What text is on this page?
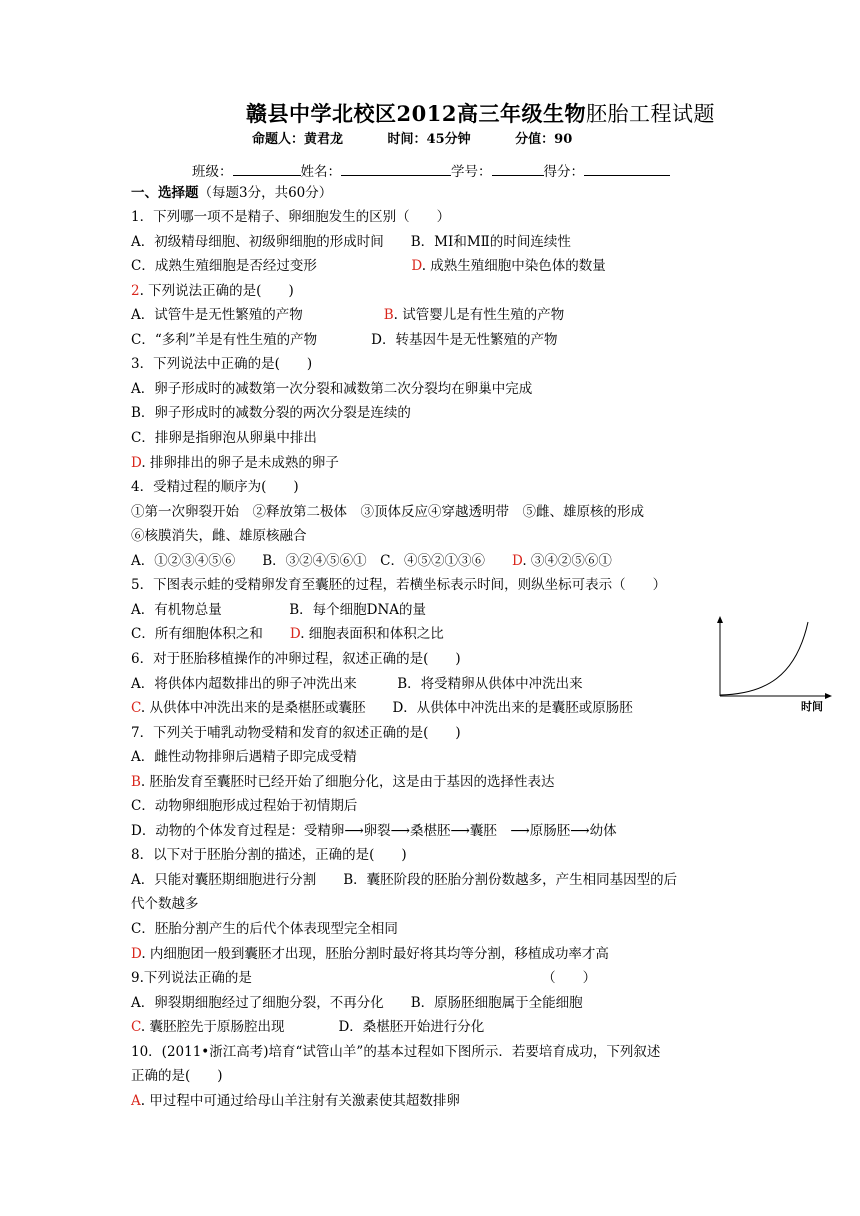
赣县中学北校区2012高三年级生物胚胎工程试题
命题人：黄君龙	时间：45分钟	分值：90
班级：	姓名：	学号：	得分：
一、选择题（每题3分，共60分）
1．下列哪一项不是精子、卵细胞发生的区别（　　）
A．初级精母细胞、初级卵细胞的形成时间　　B．MⅠ和MⅡ的时间连续性
C．成熟生殖细胞是否经过变形　　　　　　　D. 成熟生殖细胞中染色体的数量
2. 下列说法正确的是(　　)
A．试管牛是无性繁殖的产物　　　　　　B. 试管婴儿是有性生殖的产物
C．“多利”羊是有性生殖的产物　　　　D．转基因牛是无性繁殖的产物
3．下列说法中正确的是(　　)
A．卵子形成时的减数第一次分裂和减数第二次分裂均在卵巢中完成
B．卵子形成时的减数分裂的两次分裂是连续的
C．排卵是指卵泡从卵巢中排出
D. 排卵排出的卵子是未成熟的卵子
4．受精过程的顺序为(　　)
①第一次卵裂开始　②释放第二极体　③顶体反应④穿越透明带　⑤雌、雄原核的形成
⑥核膜消失，雌、雄原核融合
A．①②③④⑤⑥　　B．③②④⑤⑥①　C．④⑤②①③⑥　　D. ③④②⑤⑥①
5．下图表示蛙的受精卵发育至囊胚的过程，若横坐标表示时间，则纵坐标可表示（　　）
A．有机物总量　　　　　B．每个细胞DNA的量
C．所有细胞体积之和　　D. 细胞表面积和体积之比
6．对于胚胎移植操作的冲卵过程，叙述正确的是(　　)
A．将供体内超数排出的卵子冲洗出来　　　B．将受精卵从供体中冲洗出来
C. 从供体中冲洗出来的是桑椹胚或囊胚　　D．从供体中冲洗出来的是囊胚或原肠胚
7．下列关于哺乳动物受精和发育的叙述正确的是(　　)
A．雌性动物排卵后遇精子即完成受精
B. 胚胎发育至囊胚时已经开始了细胞分化，这是由于基因的选择性表达
C．动物卵细胞形成过程始于初情期后
D．动物的个体发育过程是：受精卵⟶卵裂⟶桑椹胚⟶囊胚　⟶原肠胚⟶幼体
8．以下对于胚胎分割的描述，正确的是(　　)
A．只能对囊胚期细胞进行分割　　B．囊胚阶段的胚胎分割份数越多，产生相同基因型的后
代个数越多
C．胚胎分割产生的后代个体表现型完全相同
D. 内细胞团一般到囊胚才出现，胚胎分割时最好将其均等分割，移植成功率才高
9.下列说法正确的是　　　　　　　　　　　　　　　　　　　　　　（　　）
A．卵裂期细胞经过了细胞分裂，不再分化　　B．原肠胚细胞属于全能细胞
C. 囊胚腔先于原肠腔出现　　　　D．桑椹胚开始进行分化
10．(2011•浙江高考)培育“试管山羊”的基本过程如下图所示．若要培育成功，下列叙述
正确的是(　　)
A. 甲过程中可通过给母山羊注射有关激素使其超数排卵
时间
